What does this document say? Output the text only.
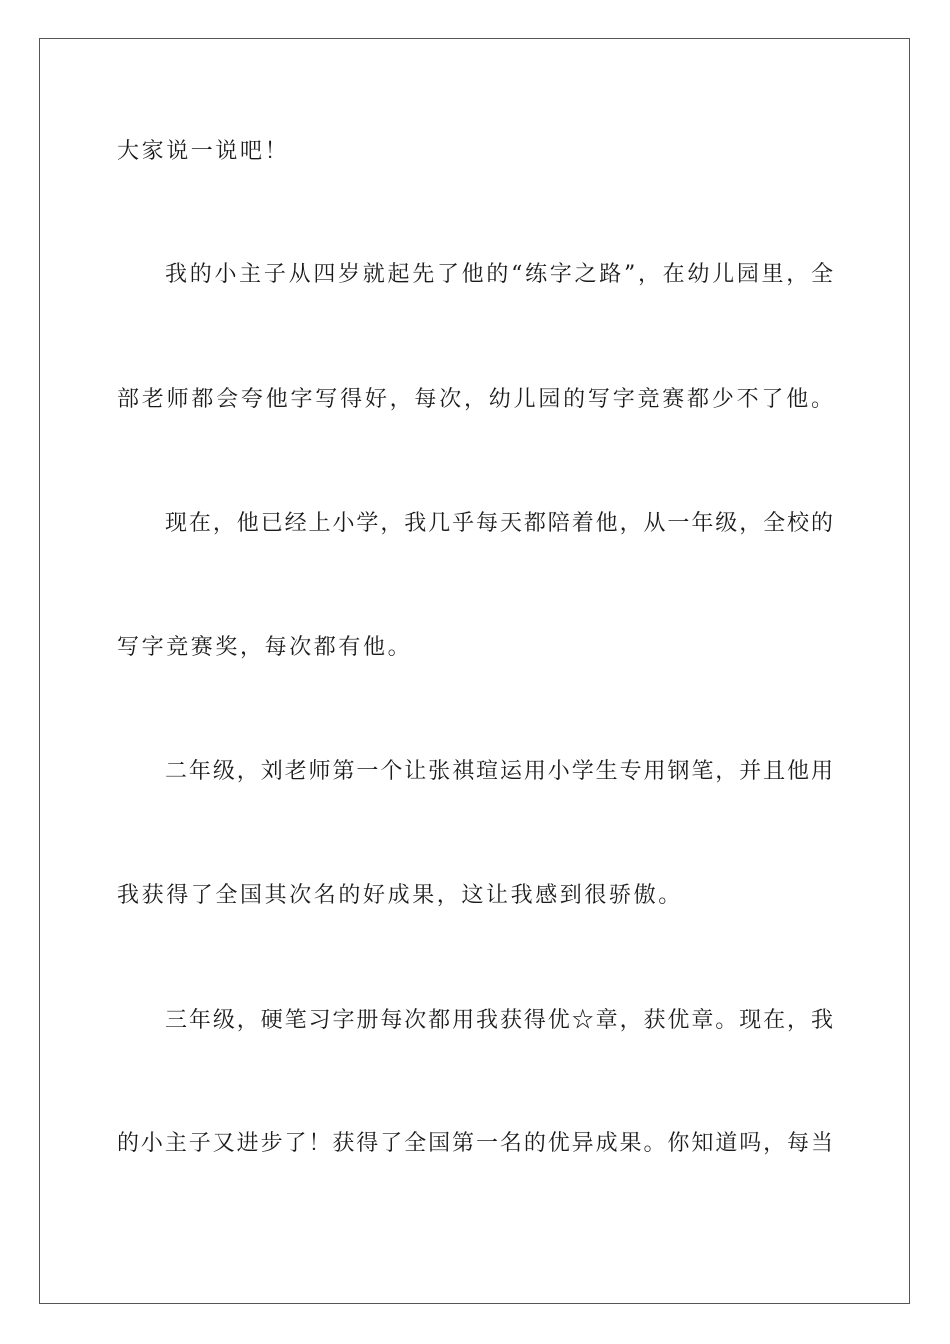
大家说一说吧！
我的小主子从四岁就起先了他的“练字之路”，在幼儿园里，全
部老师都会夸他字写得好，每次，幼儿园的写字竞赛都少不了他。
现在，他已经上小学，我几乎每天都陪着他，从一年级，全校的
写字竞赛奖，每次都有他。
二年级，刘老师第一个让张祺瑄运用小学生专用钢笔，并且他用
我获得了全国其次名的好成果，这让我感到很骄傲。
三年级，硬笔习字册每次都用我获得优☆章，获优章。现在，我
的小主子又进步了！获得了全国第一名的优异成果。你知道吗，每当
